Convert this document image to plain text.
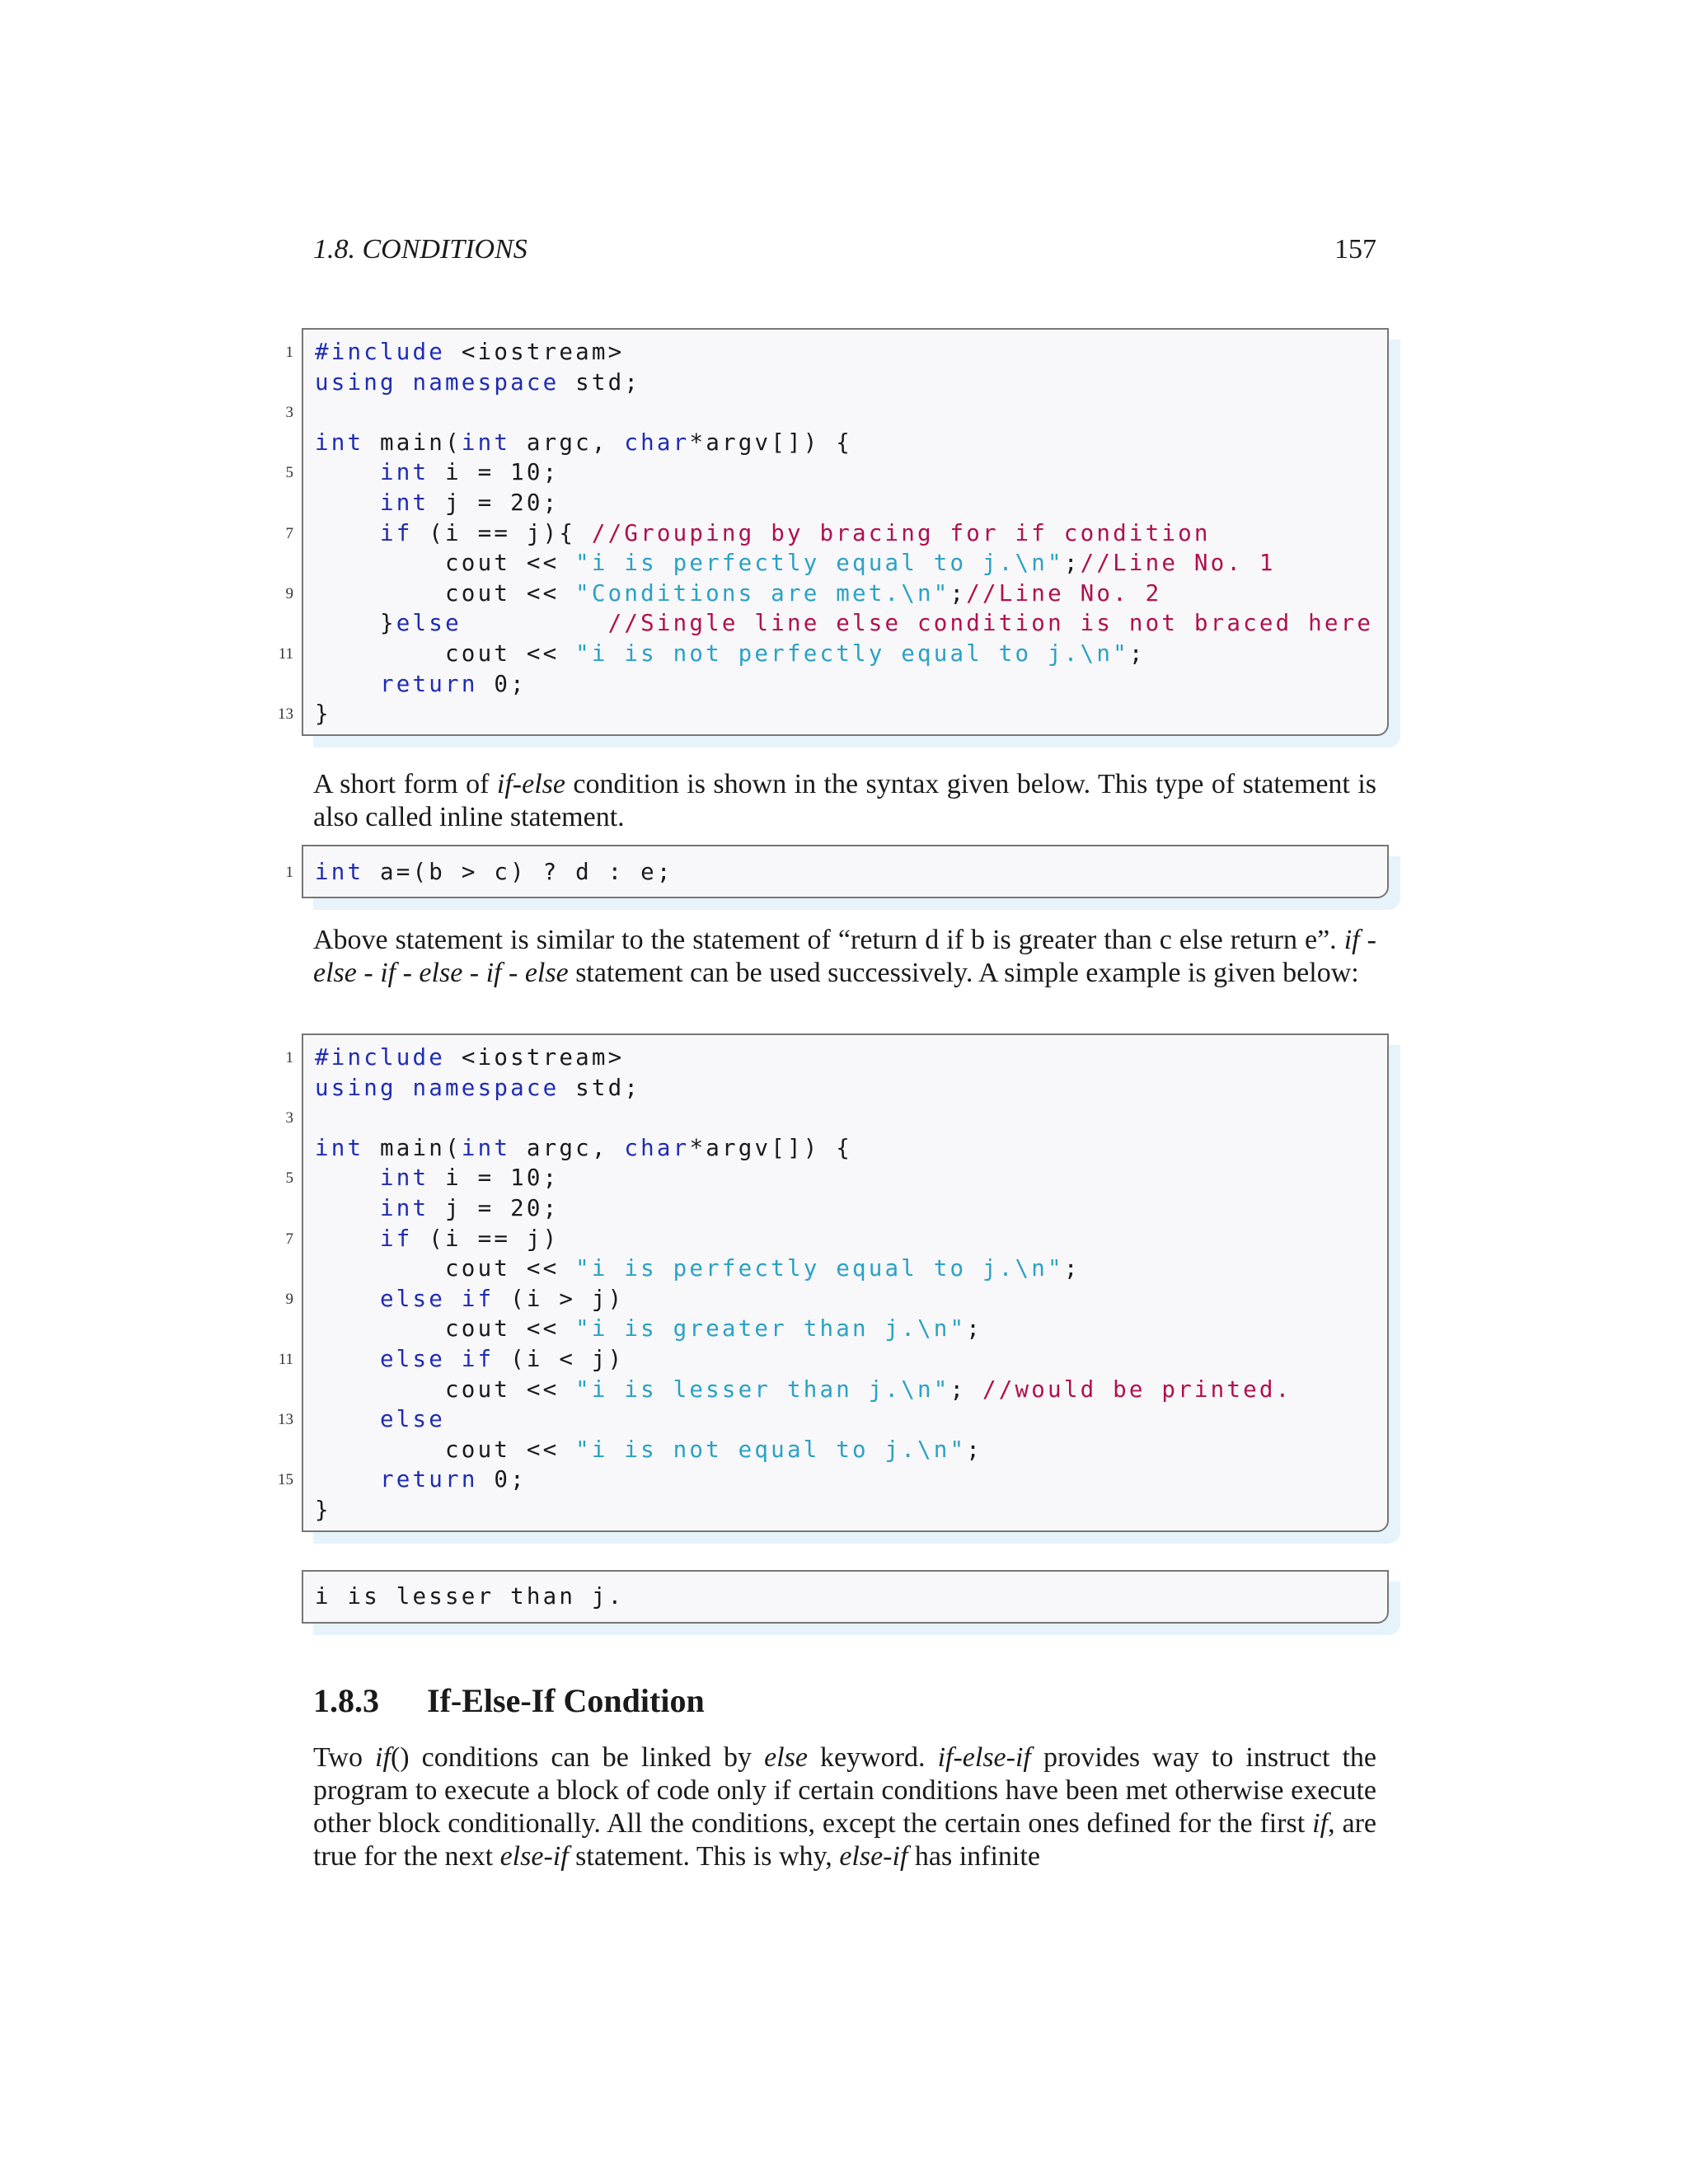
1.8. CONDITIONS	157
1 #include <iostream>
using namespace std;
3
int main(int argc, char*argv[]) {
5	int i = 10;
int j = 20;
7	if (i == j){ //Grouping by bracing for if condition
cout << "i is perfectly equal to j.\n";//Line No. 1
9 cout << "Conditions are met.\n";//Line No. 2
}else	//Single line else condition is not braced here
11 cout << "i is not perfectly equal to j.\n";
return 0;
13 }
A short form of if-else condition is shown in the syntax given below. This type of statement is also called inline statement.
1 int a=(b > c) ? d : e;
Above statement is similar to the statement of “return d if b is greater than c else return e”. if - else - if - else - if - else statement can be used successively. A simple example is given below:
1 #include <iostream>
using namespace std;
3
int main(int argc, char*argv[]) {
5	int i = 10;
int j = 20;
7	if (i == j)
cout << "i is perfectly equal to j.\n";
9	else if (i > j)
cout << "i is greater than j.\n";
11	else if (i < j)
cout << "i is lesser than j.\n"; //would be printed.
13	else
cout << "i is not equal to j.\n";
15	return 0;
}
i is lesser than j.
1.8.3 If-Else-If Condition
Two if() conditions can be linked by else keyword. if-else-if provides way to instruct the program to execute a block of code only if certain conditions have been met otherwise execute other block conditionally. All the conditions, except the certain ones defined for the first if, are true for the next else-if statement. This is why, else-if has infinite
